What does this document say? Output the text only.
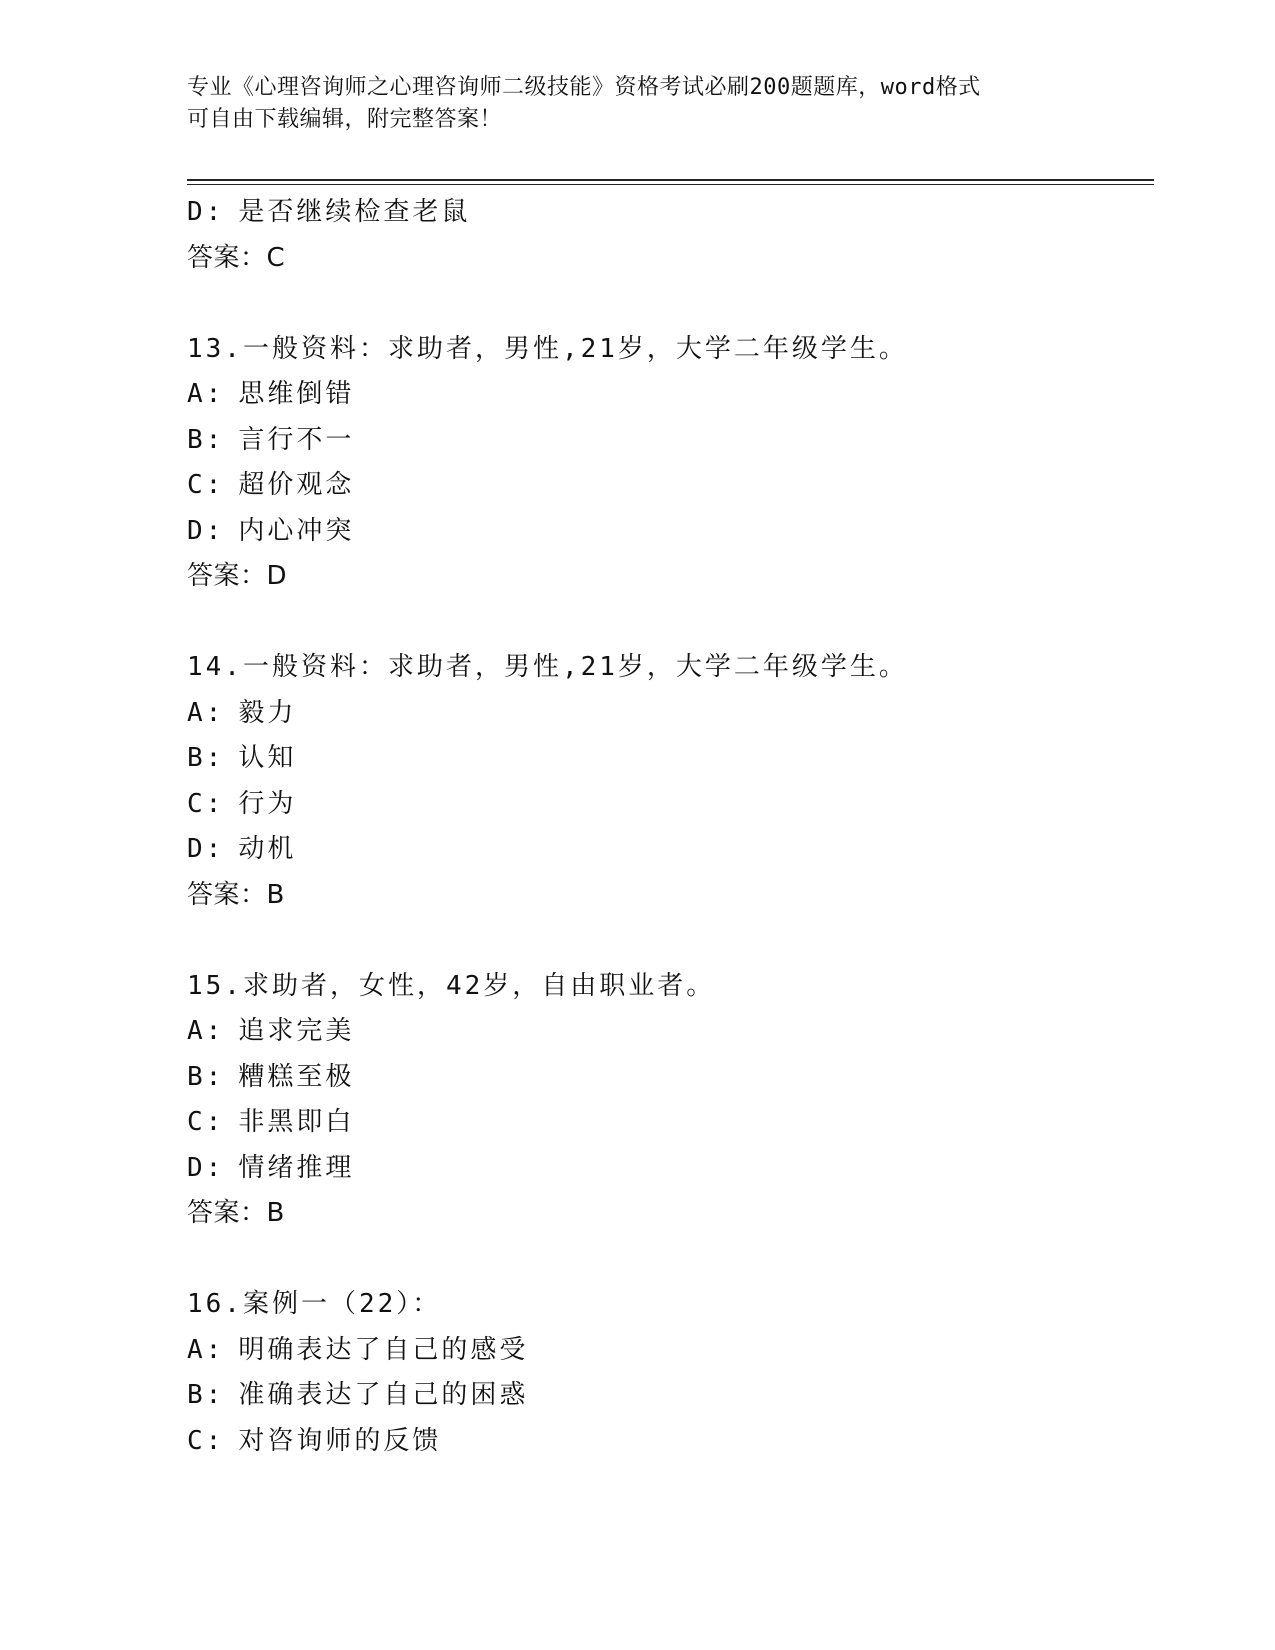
专业《心理咨询师之心理咨询师二级技能》资格考试必刷200题题库，word格式
可自由下载编辑，附完整答案！
D: 是否继续检查老鼠
答案：C
13.一般资料：求助者，男性,21岁，大学二年级学生。
A: 思维倒错
B: 言行不一
C: 超价观念
D: 内心冲突
答案：D
14.一般资料：求助者，男性,21岁，大学二年级学生。
A: 毅力
B: 认知
C: 行为
D: 动机
答案：B
15.求助者，女性，42岁，自由职业者。
A: 追求完美
B: 糟糕至极
C: 非黑即白
D: 情绪推理
答案：B
16.案例一（22）：
A: 明确表达了自己的感受
B: 准确表达了自己的困惑
C: 对咨询师的反馈
